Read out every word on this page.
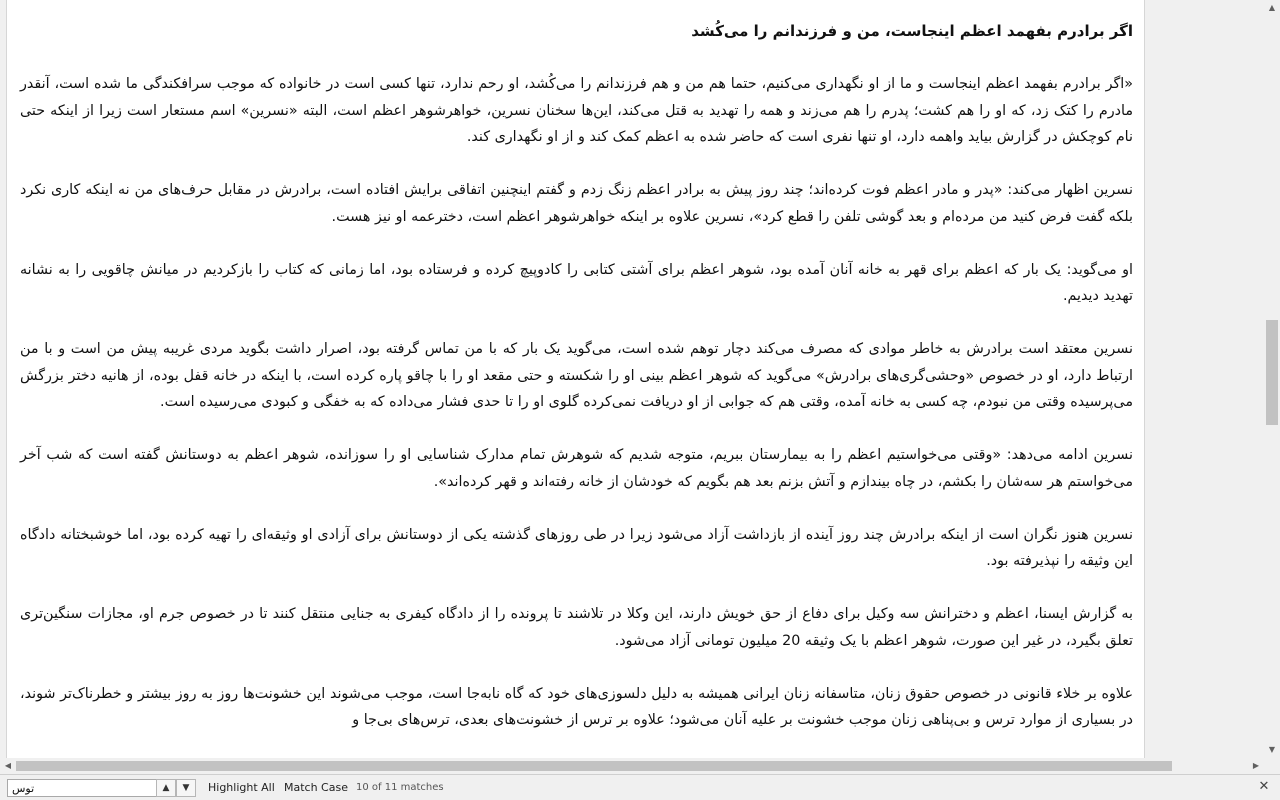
اگر برادرم بفهمد اعظم اینجاست، من و فرزندانم را می‌کُشد

«اگر برادرم بفهمد اعظم اینجاست و ما از او نگهداری می‌کنیم، حتما هم من و هم فرزندانم را می‌کُشد، او رحم ندارد، تنها کسی است در خانواده که موجب سرافکندگی ما شده است، آنقدر مادرم را کتک زد، که او را هم کشت؛ پدرم را هم می‌زند و همه را تهدید به قتل می‌کند، این‌ها سخنان نسرین، خواهرشوهر اعظم است، البته «نسرین» اسم مستعار است زیرا از اینکه حتی نام کوچکش در گزارش بیاید واهمه دارد، او تنها نفری است که حاضر شده به اعظم کمک کند و از او نگهداری کند.

نسرین اظهار می‌کند: «پدر و مادر اعظم فوت کرده‌اند؛ چند روز پیش به برادر اعظم زنگ زدم و گفتم اینچنین اتفاقی برایش افتاده است، برادرش در مقابل حرف‌های من نه اینکه کاری نکرد بلکه گفت فرض کنید من مرده‌ام و بعد گوشی تلفن را قطع کرد»، نسرین علاوه بر اینکه خواهرشوهر اعظم است، دخترعمه او نیز هست.

او می‌گوید: یک بار که اعظم برای قهر به خانه آنان آمده بود، شوهر اعظم برای آشتی کتابی را کادوپیچ کرده و فرستاده بود، اما زمانی که کتاب را بازکردیم در میانش چاقویی را به نشانه تهدید دیدیم.

نسرین معتقد است برادرش به خاطر موادی که مصرف می‌کند دچار توهم شده است، می‌گوید یک بار که با من تماس گرفته بود، اصرار داشت بگوید مردی غریبه پیش من است و با من ارتباط دارد، او در خصوص «وحشی‌گری‌های برادرش» می‌گوید که شوهر اعظم بینی او را شکسته و حتی مقعد او را با چاقو پاره کرده است، با اینکه در خانه قفل بوده، از هانیه دختر بزرگش می‌پرسیده وقتی من نبودم، چه کسی به خانه آمده، وقتی هم که جوابی از او دریافت نمی‌کرده گلوی او را تا حدی فشار می‌داده که به خفگی و کبودی می‌رسیده است.

نسرین ادامه می‌دهد: «وقتی می‌خواستیم اعظم را به بیمارستان ببریم، متوجه شدیم که شوهرش تمام مدارک شناسایی او را سوزانده، شوهر اعظم به دوستانش گفته است که شب آخر می‌خواستم هر سه‌شان را بکشم، در چاه بیندازم و آتش بزنم بعد هم بگویم که خودشان از خانه رفته‌اند و قهر کرده‌اند».

نسرین هنوز نگران است از اینکه برادرش چند روز آینده از بازداشت آزاد می‌شود زیرا در طی روزهای گذشته یکی از دوستانش برای آزادی او وثیقه‌ای را تهیه کرده بود، اما خوشبختانه دادگاه این وثیقه را نپذیرفته بود.

به گزارش ایسنا، اعظم و دخترانش سه وکیل برای دفاع از حق خویش دارند، این وکلا در تلاشند تا پرونده را از دادگاه کیفری به جنایی منتقل کنند تا در خصوص جرم او، مجازات سنگین‌تری تعلق بگیرد، در غیر این صورت، شوهر اعظم با یک وثیقه 20 میلیون تومانی آزاد می‌شود.

علاوه بر خلاء قانونی در خصوص حقوق زنان، متاسفانه زنان ایرانی همیشه به دلیل دلسوزی‌های خود که گاه نابه‌جا است، موجب می‌شوند این خشونت‌ها روز به روز بیشتر و خطرناک‌تر شوند، در بسیاری از موارد ترس و بی‌پناهی زنان موجب خشونت بر علیه آنان می‌شود؛ علاوه بر ترس از خشونت‌های بعدی، ترس‌های بی‌جا و

▲
▼
◀	▶
توس
▲	▼	Highlight All Match Case 10 of 11 matches	✕
